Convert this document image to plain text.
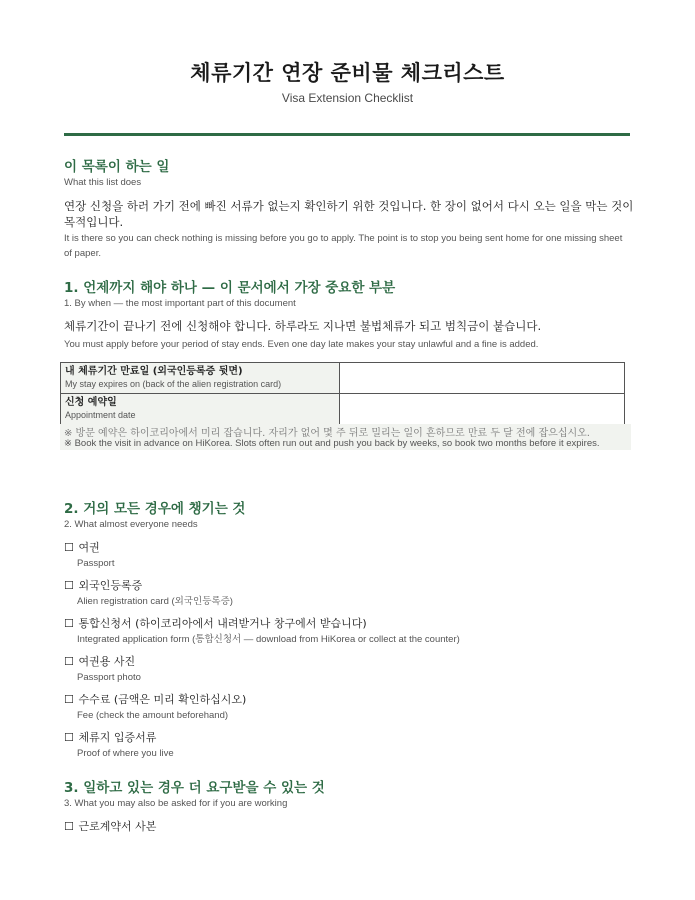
체류기간 연장 준비물 체크리스트
Visa Extension Checklist
이 목록이 하는 일
What this list does
연장 신청을 하러 가기 전에 빠진 서류가 없는지 확인하기 위한 것입니다. 한 장이 없어서 다시 오는 일을 막는 것이 목적입니다.
It is there so you can check nothing is missing before you go to apply. The point is to stop you being sent home for one missing sheet of paper.
1. 언제까지 해야 하나 — 이 문서에서 가장 중요한 부분
1. By when — the most important part of this document
체류기간이 끝나기 전에 신청해야 합니다. 하루라도 지나면 불법체류가 되고 범칙금이 붙습니다.
You must apply before your period of stay ends. Even one day late makes your stay unlawful and a fine is added.
내 체류기간 만료일 (외국인등록증 뒷면)
My stay expires on (back of the alien registration card)	

신청 예약일
Appointment date	

※ 방문 예약은 하이코리아에서 미리 잡습니다. 자리가 없어 몇 주 뒤로 밀리는 일이 흔하므로 만료 두 달 전에 잡으십시오.
※ Book the visit in advance on HiKorea. Slots often run out and push you back by weeks, so book two months before it expires.
2. 거의 모든 경우에 챙기는 것
2. What almost everyone needs
☐ 여권
Passport
☐ 외국인등록증
Alien registration card (외국인등록증)
☐ 통합신청서 (하이코리아에서 내려받거나 창구에서 받습니다)
Integrated application form (통합신청서 — download from HiKorea or collect at the counter)
☐ 여권용 사진
Passport photo
☐ 수수료 (금액은 미리 확인하십시오)
Fee (check the amount beforehand)
☐ 체류지 입증서류
Proof of where you live
3. 일하고 있는 경우 더 요구받을 수 있는 것
3. What you may also be asked for if you are working
☐ 근로계약서 사본
